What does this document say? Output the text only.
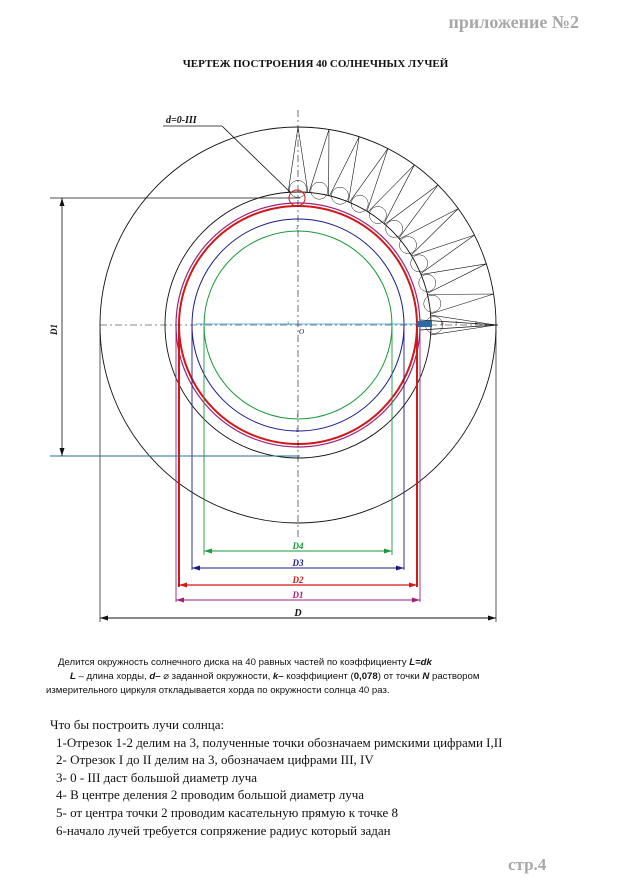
приложение №2
ЧЕРТЕЖ ПОСТРОЕНИЯ 40 СОЛНЕЧНЫХ ЛУЧЕЙ
D4
D3
D2
D1
D
D1
d=0-III
O
2
3	4
1
5
6 7	8
Делится окружность солнечного диска на 40 равных частей по коэффициенту L=dk
L – длина хорды, d– ⌀ заданной окружности, k– коэффициент (0,078) от точки N раствором
измерительного циркуля откладывается хорда по окружности солнца 40 раз.
Что бы построить лучи солнца:
1-Отрезок 1-2 делим на 3, полученные точки обозначаем римскими цифрами I,II
2- Отрезок I до II делим на 3, обозначаем цифрами III, IV
3- 0 - III даст большой диаметр луча
4- В центре деления 2 проводим большой диаметр луча
5- от центра точки 2 проводим касательную прямую к точке 8
6-начало лучей требуется сопряжение радиус который задан
стр.4
